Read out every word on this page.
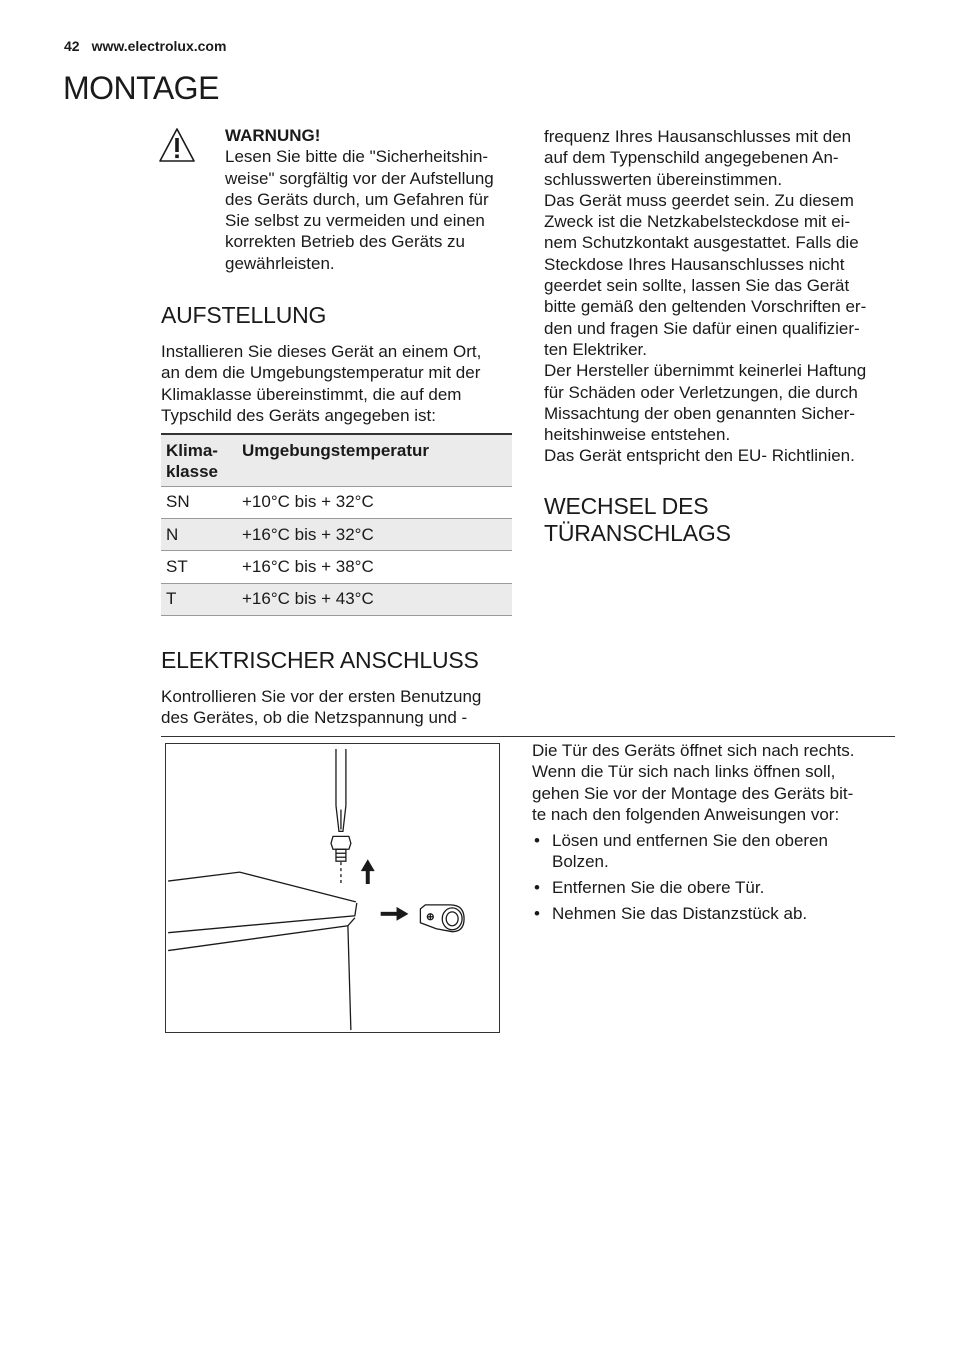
42 www.electrolux.com
MONTAGE
WARNUNG!
Lesen Sie bitte die "Sicherheitshin-
weise" sorgfältig vor der Aufstellung
des Geräts durch, um Gefahren für
Sie selbst zu vermeiden und einen
korrekten Betrieb des Geräts zu
gewährleisten.
AUFSTELLUNG
Installieren Sie dieses Gerät an einem Ort,
an dem die Umgebungstemperatur mit der
Klimaklasse übereinstimmt, die auf dem
Typschild des Geräts angegeben ist:
Klima-
klasse	Umgebungstemperatur
SN	+10°C bis + 32°C
N	+16°C bis + 32°C
ST	+16°C bis + 38°C
T	+16°C bis + 43°C
ELEKTRISCHER ANSCHLUSS
Kontrollieren Sie vor der ersten Benutzung
des Gerätes, ob die Netzspannung und -
frequenz Ihres Hausanschlusses mit den
auf dem Typenschild angegebenen An-
schlusswerten übereinstimmen.
Das Gerät muss geerdet sein. Zu diesem
Zweck ist die Netzkabelsteckdose mit ei-
nem Schutzkontakt ausgestattet. Falls die
Steckdose Ihres Hausanschlusses nicht
geerdet sein sollte, lassen Sie das Gerät
bitte gemäß den geltenden Vorschriften er-
den und fragen Sie dafür einen qualifizier-
ten Elektriker.
Der Hersteller übernimmt keinerlei Haftung
für Schäden oder Verletzungen, die durch
Missachtung der oben genannten Sicher-
heitshinweise entstehen.
Das Gerät entspricht den EU- Richtlinien.
WECHSEL DES
TÜRANSCHLAGS
Die Tür des Geräts öffnet sich nach rechts.
Wenn die Tür sich nach links öffnen soll,
gehen Sie vor der Montage des Geräts bit-
te nach den folgenden Anweisungen vor:
• Lösen und entfernen Sie den oberen
Bolzen.
• Entfernen Sie die obere Tür.
• Nehmen Sie das Distanzstück ab.
